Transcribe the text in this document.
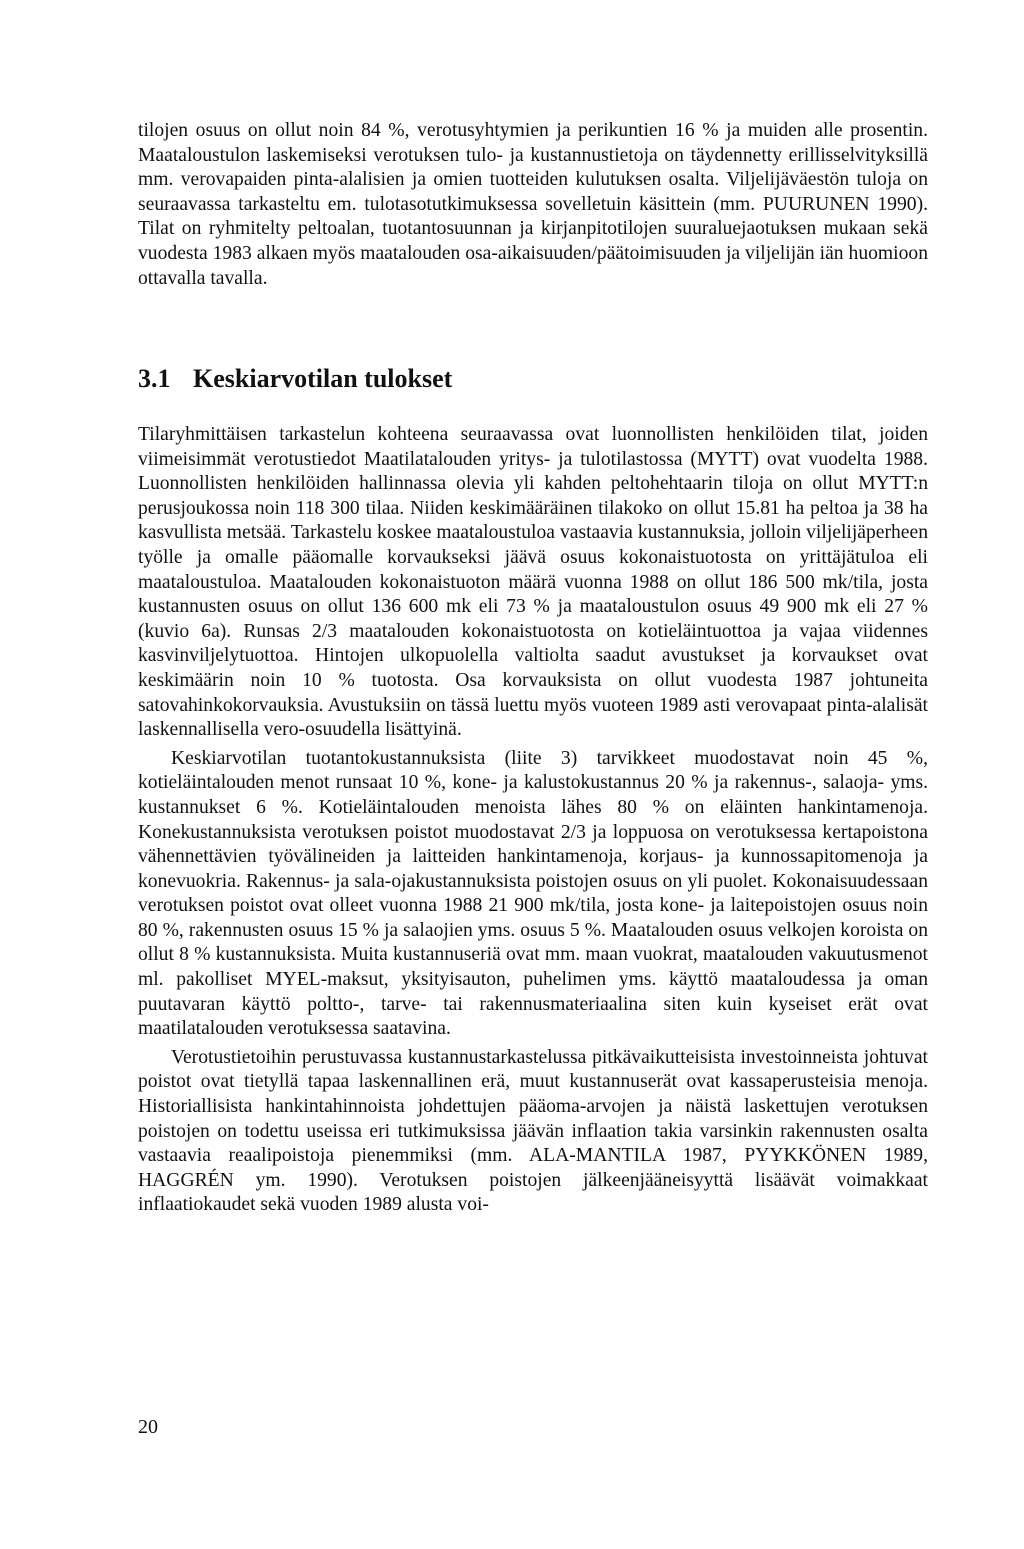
tilojen osuus on ollut noin 84 %, verotusyhtymien ja perikuntien 16 % ja muiden alle prosentin. Maataloustulon laskemiseksi verotuksen tulo- ja kustannustietoja on täydennetty erillisselvityksillä mm. verovapaiden pinta-alalisien ja omien tuotteiden kulutuksen osalta. Viljelijäväestön tuloja on seuraavassa tarkasteltu em. tulotasotutkimuksessa sovelletuin käsittein (mm. PUURUNEN 1990). Tilat on ryhmitelty peltoalan, tuotantosuunnan ja kirjanpitotilojen suuraluejaotuksen mukaan sekä vuodesta 1983 alkaen myös maatalouden osa-aikaisuuden/päätoimisuuden ja viljelijän iän huomioon ottavalla tavalla.

3.1 Keskiarvotilan tulokset

Tilaryhmittäisen tarkastelun kohteena seuraavassa ovat luonnollisten henkilöiden tilat, joiden viimeisimmät verotustiedot Maatilatalouden yritys- ja tulotilastossa (MYTT) ovat vuodelta 1988. Luonnollisten henkilöiden hallinnassa olevia yli kahden peltohehtaarin tiloja on ollut MYTT:n perusjoukossa noin 118 300 tilaa. Niiden keskimääräinen tilakoko on ollut 15.81 ha peltoa ja 38 ha kasvullista metsää. Tarkastelu koskee maataloustuloa vastaavia kustannuksia, jolloin viljelijäperheen työlle ja omalle pääomalle korvaukseksi jäävä osuus kokonaistuotosta on yrittäjätuloa eli maataloustuloa. Maatalouden kokonaistuoton määrä vuonna 1988 on ollut 186 500 mk/tila, josta kustannusten osuus on ollut 136 600 mk eli 73 % ja maataloustulon osuus 49 900 mk eli 27 % (kuvio 6a). Runsas 2/3 maatalouden kokonaistuotosta on kotieläintuottoa ja vajaa viidennes kasvinviljelytuottoa. Hintojen ulkopuolella valtiolta saadut avustukset ja korvaukset ovat keskimäärin noin 10 % tuotosta. Osa korvauksista on ollut vuodesta 1987 johtuneita satovahinkokorvauksia. Avustuksiin on tässä luettu myös vuoteen 1989 asti verovapaat pinta-alalisät laskennallisella vero-osuudella lisättyinä.

Keskiarvotilan tuotantokustannuksista (liite 3) tarvikkeet muodostavat noin 45 %, kotieläintalouden menot runsaat 10 %, kone- ja kalustokustannus 20 % ja rakennus-, salaoja- yms. kustannukset 6 %. Kotieläintalouden menoista lähes 80 % on eläinten hankintamenoja. Konekustannuksista verotuksen poistot muodostavat 2/3 ja loppuosa on verotuksessa kertapoistona vähennettävien työvälineiden ja laitteiden hankintamenoja, korjaus- ja kunnossapitomenoja ja konevuokria. Rakennus- ja sala-ojakustannuksista poistojen osuus on yli puolet. Kokonaisuudessaan verotuksen poistot ovat olleet vuonna 1988 21 900 mk/tila, josta kone- ja laitepoistojen osuus noin 80 %, rakennusten osuus 15 % ja salaojien yms. osuus 5 %. Maatalouden osuus velkojen koroista on ollut 8 % kustannuksista. Muita kustannuseriä ovat mm. maan vuokrat, maatalouden vakuutusmenot ml. pakolliset MYEL-maksut, yksityisauton, puhelimen yms. käyttö maataloudessa ja oman puutavaran käyttö poltto-, tarve- tai rakennusmateriaalina siten kuin kyseiset erät ovat maatilatalouden verotuksessa saatavina.

Verotustietoihin perustuvassa kustannustarkastelussa pitkävaikutteisista investoinneista johtuvat poistot ovat tietyllä tapaa laskennallinen erä, muut kustannuserät ovat kassaperusteisia menoja. Historiallisista hankintahinnoista johdettujen pääoma-arvojen ja näistä laskettujen verotuksen poistojen on todettu useissa eri tutkimuksissa jäävän inflaation takia varsinkin rakennusten osalta vastaavia reaalipoistoja pienemmiksi (mm. ALA-MANTILA 1987, PYYKKÖNEN 1989, HAGGRÉN ym. 1990). Verotuksen poistojen jälkeenjääneisyyttä lisäävät voimakkaat inflaatiokaudet sekä vuoden 1989 alusta voi-

20
